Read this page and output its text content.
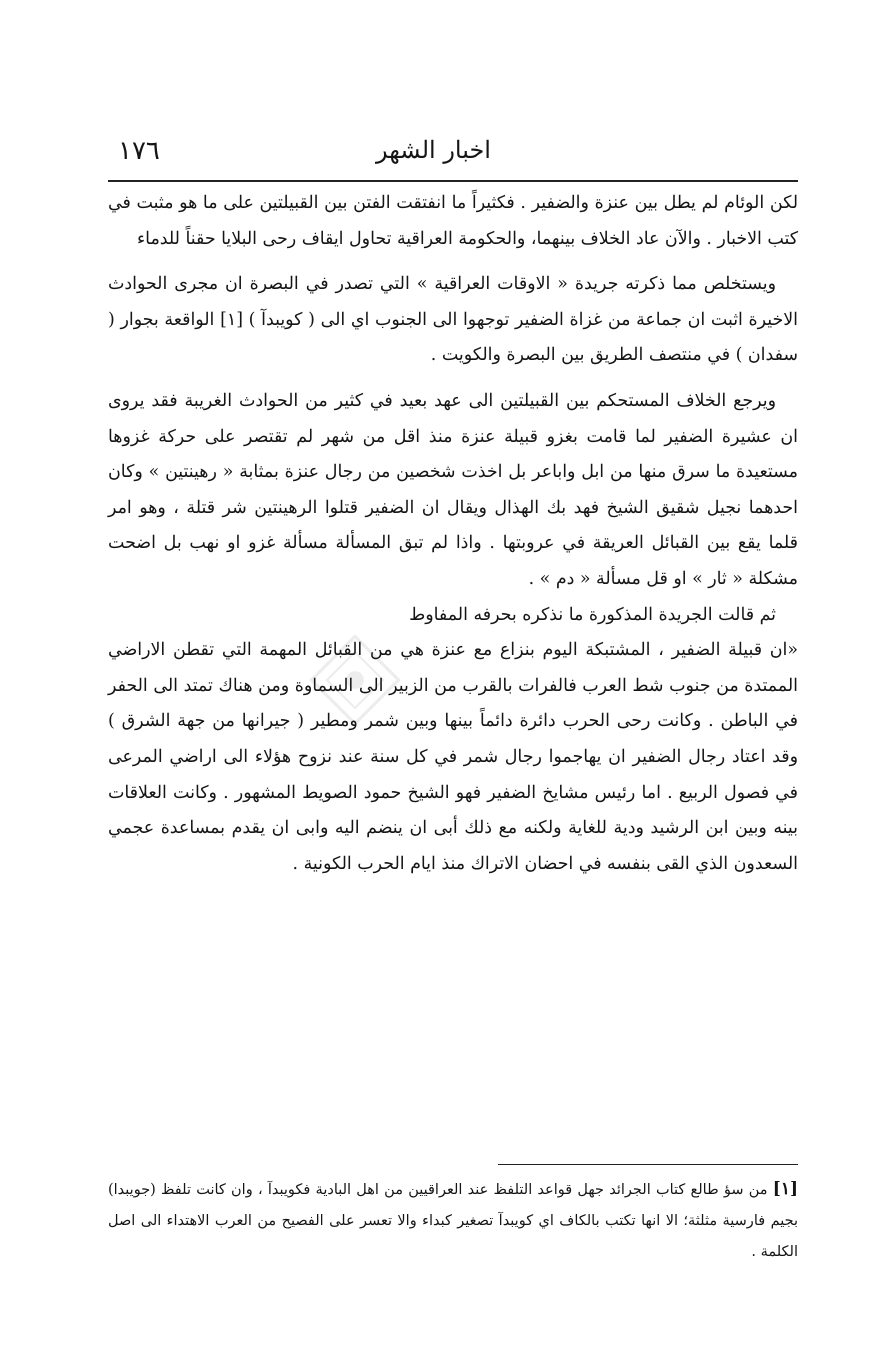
١٧٦	اخبار الشهر

لكن الوئام لم يطل بين عنزة والضفير . فكثيراً ما انفتقت الفتن بين القبيلتين على ما هو مثبت في كتب الاخبار . والآن عاد الخلاف بينهما، والحكومة العراقية تحاول ايقاف رحى البلايا حقناً للدماء

ويستخلص مما ذكرته جريدة « الاوقات العراقية » التي تصدر في البصرة ان مجرى الحوادث الاخيرة اثبت ان جماعة من غزاة الضفير توجهوا الى الجنوب اي الى ( كويبدآ ) [١] الواقعة بجوار ( سفدان ) في منتصف الطريق بين البصرة والكويت .

ويرجع الخلاف المستحكم بين القبيلتين الى عهد بعيد في كثير من الحوادث الغريبة فقد يروى ان عشيرة الضفير لما قامت بغزو قبيلة عنزة منذ اقل من شهر لم تقتصر على حركة غزوها مستعيدة ما سرق منها من ابل واباعر بل اخذت شخصين من رجال عنزة بمثابة « رهينتين » وكان احدهما نجيل شقيق الشيخ فهد بك الهذال ويقال ان الضفير قتلوا الرهينتين شر قتلة ، وهو امر قلما يقع بين القبائل العريقة في عروبتها . واذا لم تبق المسألة مسألة غزو او نهب بل اضحت مشكلة « ثار » او قل مسألة « دم » .

ثم قالت الجريدة المذكورة ما نذكره بحرفه المفاوط

«ان قبيلة الضفير ، المشتبكة اليوم بنزاع مع عنزة هي من القبائل المهمة التي تقطن الاراضي الممتدة من جنوب شط العرب فالفرات بالقرب من الزبير الى السماوة ومن هناك تمتد الى الحفر في الباطن . وكانت رحى الحرب دائرة دائماً بينها وبين شمر ومطير ( جيرانها من جهة الشرق ) وقد اعتاد رجال الضفير ان يهاجموا رجال شمر في كل سنة عند نزوح هؤلاء الى اراضي المرعى في فصول الربيع . اما رئيس مشايخ الضفير فهو الشيخ حمود الصويط المشهور . وكانت العلاقات بينه وبين ابن الرشيد ودية للغاية ولكنه مع ذلك أبى ان ينضم اليه وابى ان يقدم بمساعدة عجمي السعدون الذي القى بنفسه في احضان الاتراك منذ ايام الحرب الكونية .

[١] من سؤ طالع كتاب الجرائد جهل قواعد التلفظ عند العراقيين من اهل البادية فكويبدآ ، وان كانت تلفظ (جويبدا) بجيم فارسية مثلثة؛ الا انها تكتب بالكاف اي كويبدآ تصغير كبداء والا تعسر على الفصيح من العرب الاهتداء الى اصل الكلمة .
